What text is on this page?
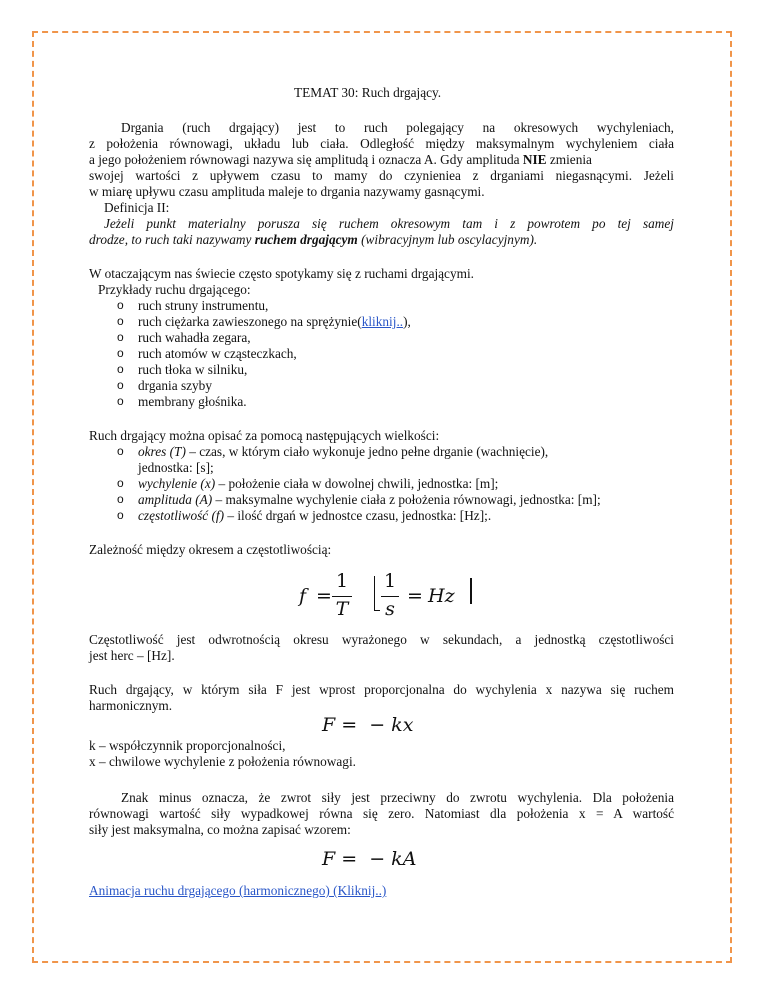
TEMAT 30: Ruch drgający.
Drgania (ruch drgający) jest to ruch polegający na okresowych wychyleniach,
z położenia równowagi, układu lub ciała. Odległość między maksymalnym wychyleniem ciała
a jego położeniem równowagi nazywa się amplitudą i oznacza A. Gdy amplituda NIE zmienia
swojej wartości z upływem czasu to mamy do czynieniea z drganiami niegasnącymi. Jeżeli
w miarę upływu czasu amplituda maleje to drgania nazywamy gasnącymi.
Definicja II:
Jeżeli punkt materialny porusza się ruchem okresowym tam i z powrotem po tej samej
drodze, to ruch taki nazywamy ruchem drgającym (wibracyjnym lub oscylacyjnym).
W otaczającym nas świecie często spotykamy się z ruchami drgającymi.
Przykłady ruchu drgającego:
o ruch struny instrumentu,
o ruch ciężarka zawieszonego na sprężynie(kliknij..),
o ruch wahadła zegara,
o ruch atomów w cząsteczkach,
o ruch tłoka w silniku,
o drgania szyby
o membrany głośnika.
Ruch drgający można opisać za pomocą następujących wielkości:
o okres (T) – czas, w którym ciało wykonuje jedno pełne drganie (wachnięcie),
jednostka: [s];
o wychylenie (x) – położenie ciała w dowolnej chwili, jednostka: [m];
o amplituda (A) – maksymalne wychylenie ciała z położenia równowagi, jednostka: [m];
o częstotliwość (f) – ilość drgań w jednostce czasu, jednostka: [Hz];.
Zależność między okresem a częstotliwością:
f =
1
T
1
s
= Hz
Częstotliwość jest odwrotnością okresu wyrażonego w sekundach, a jednostką częstotliwości
jest herc – [Hz].
Ruch drgający, w którym siła F jest wprost proporcjonalna do wychylenia x nazywa się ruchem
harmonicznym.
F =  − kx
k – współczynnik proporcjonalności,
x – chwilowe wychylenie z położenia równowagi.
Znak minus oznacza, że zwrot siły jest przeciwny do zwrotu wychylenia. Dla położenia
równowagi wartość siły wypadkowej równa się zero. Natomiast dla położenia x = A wartość
siły jest maksymalna, co można zapisać wzorem:
F =  − kA
Animacja ruchu drgającego (harmonicznego) (Kliknij..)
